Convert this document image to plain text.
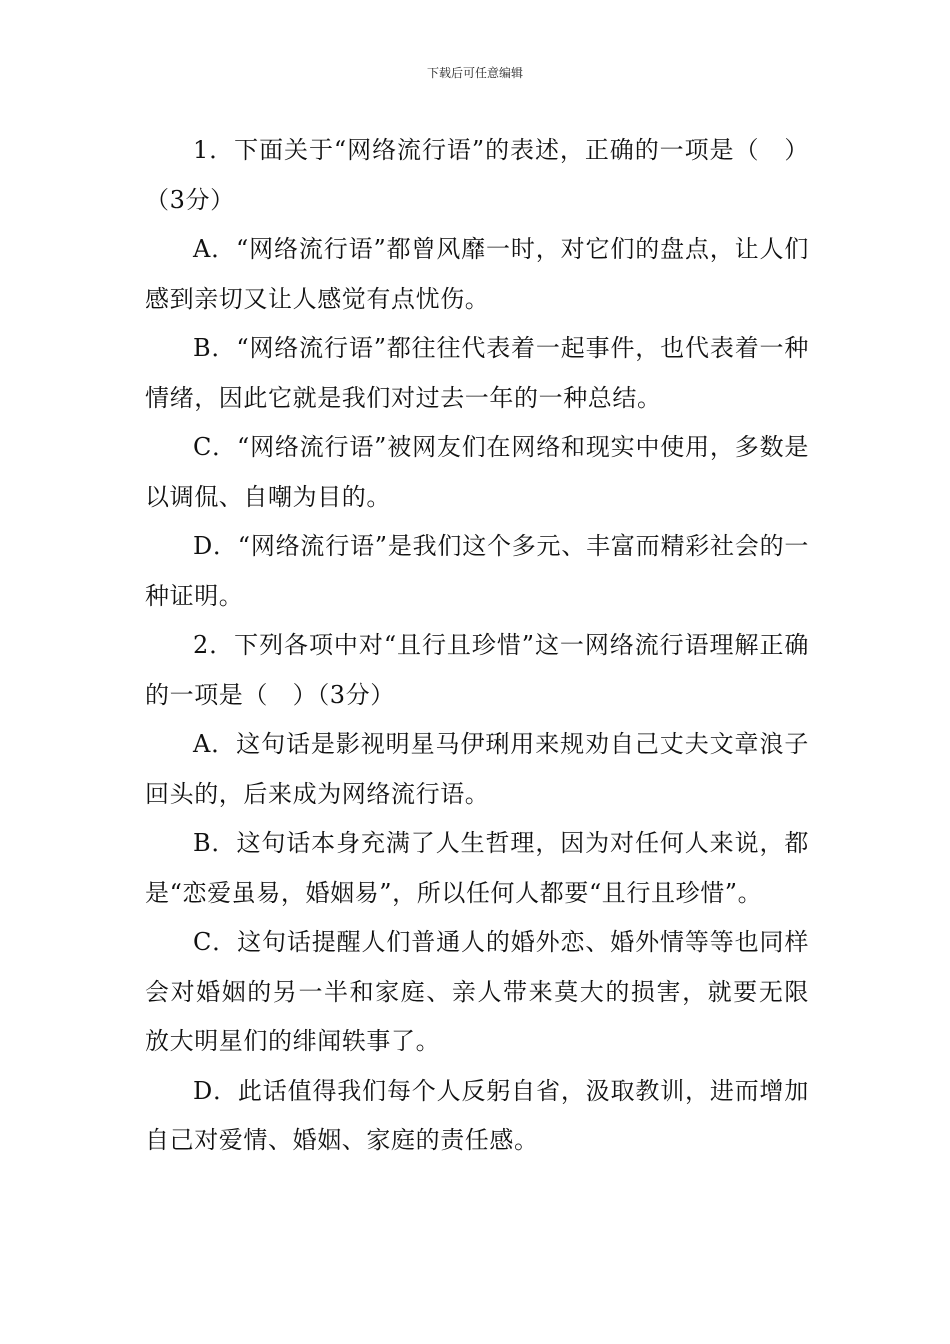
下载后可任意编辑

1．下面关于“网络流行语”的表述，正确的一项是（　）（3分）

A．“网络流行语”都曾风靡一时，对它们的盘点，让人们感到亲切又让人感觉有点忧伤。

B．“网络流行语”都往往代表着一起事件，也代表着一种情绪，因此它就是我们对过去一年的一种总结。

C．“网络流行语”被网友们在网络和现实中使用，多数是以调侃、自嘲为目的。

D．“网络流行语”是我们这个多元、丰富而精彩社会的一种证明。

2．下列各项中对“且行且珍惜”这一网络流行语理解正确的一项是（　）（3分）

A．这句话是影视明星马伊琍用来规劝自己丈夫文章浪子回头的，后来成为网络流行语。

B．这句话本身充满了人生哲理，因为对任何人来说，都是“恋爱虽易，婚姻易”，所以任何人都要“且行且珍惜”。

C．这句话提醒人们普通人的婚外恋、婚外情等等也同样会对婚姻的另一半和家庭、亲人带来莫大的损害，就要无限放大明星们的绯闻轶事了。

D．此话值得我们每个人反躬自省，汲取教训，进而增加自己对爱情、婚姻、家庭的责任感。
